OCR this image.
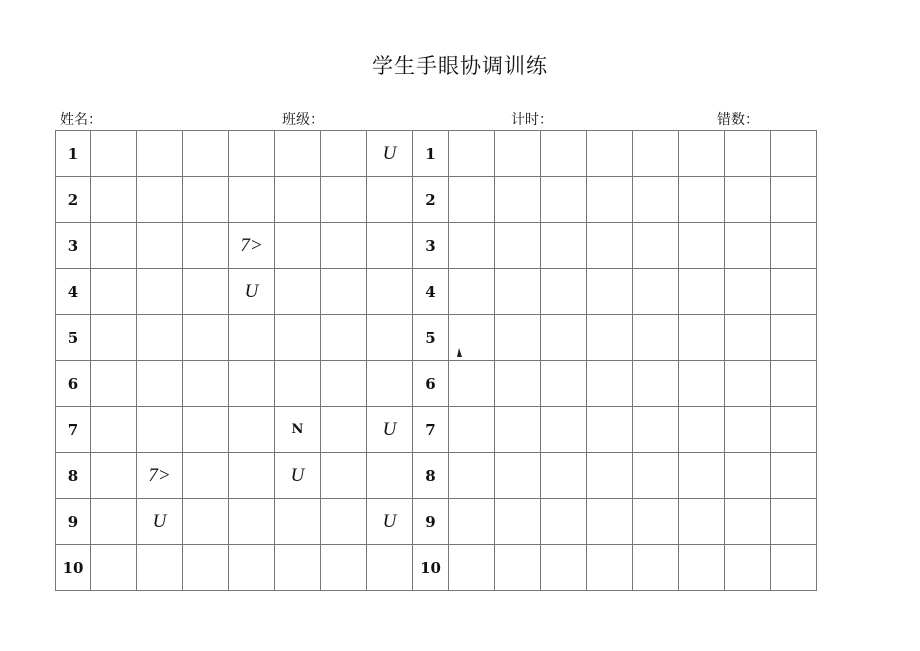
学生手眼协调训练
姓名：	班级：	计时：	错数：
1							U	1								
2								2								
3				7>				3								
4				U				4								
5								5								
6								6								
7					N		U	7								
8		7>			U			8								
9		U					U	9								
10								10								
